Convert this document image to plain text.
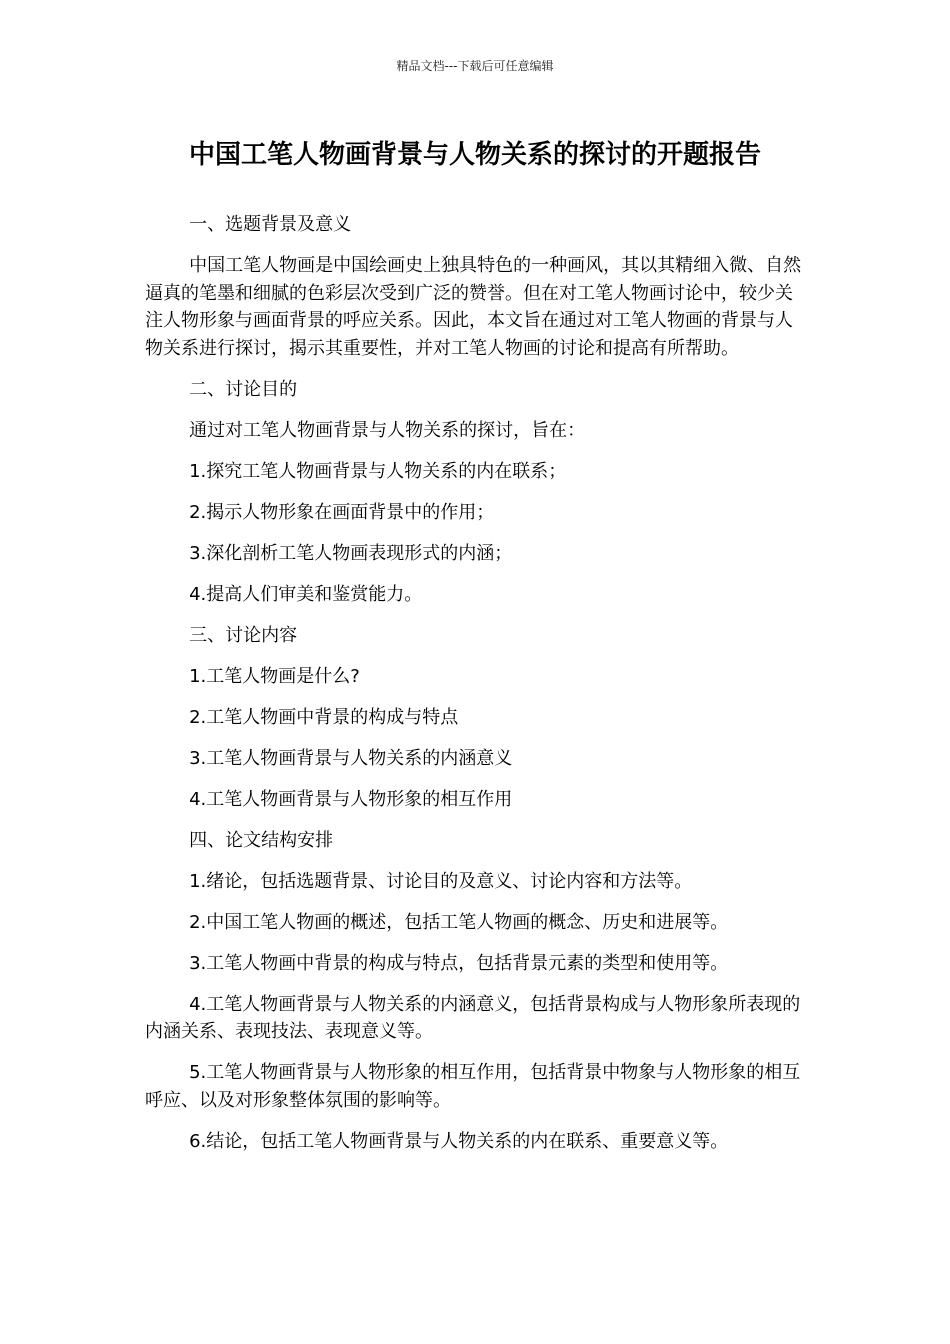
精品文档---下载后可任意编辑
中国工笔人物画背景与人物关系的探讨的开题报告

一、选题背景及意义

中国工笔人物画是中国绘画史上独具特色的一种画风，其以其精细入微、自然逼真的笔墨和细腻的色彩层次受到广泛的赞誉。但在对工笔人物画讨论中，较少关注人物形象与画面背景的呼应关系。因此，本文旨在通过对工笔人物画的背景与人物关系进行探讨，揭示其重要性，并对工笔人物画的讨论和提高有所帮助。

二、讨论目的

通过对工笔人物画背景与人物关系的探讨，旨在：

1.探究工笔人物画背景与人物关系的内在联系；

2.揭示人物形象在画面背景中的作用；

3.深化剖析工笔人物画表现形式的内涵；

4.提高人们审美和鉴赏能力。

三、讨论内容

1.工笔人物画是什么?

2.工笔人物画中背景的构成与特点

3.工笔人物画背景与人物关系的内涵意义

4.工笔人物画背景与人物形象的相互作用

四、论文结构安排

1.绪论，包括选题背景、讨论目的及意义、讨论内容和方法等。

2.中国工笔人物画的概述，包括工笔人物画的概念、历史和进展等。

3.工笔人物画中背景的构成与特点，包括背景元素的类型和使用等。

4.工笔人物画背景与人物关系的内涵意义，包括背景构成与人物形象所表现的内涵关系、表现技法、表现意义等。

5.工笔人物画背景与人物形象的相互作用，包括背景中物象与人物形象的相互呼应、以及对形象整体氛围的影响等。

6.结论，包括工笔人物画背景与人物关系的内在联系、重要意义等。
